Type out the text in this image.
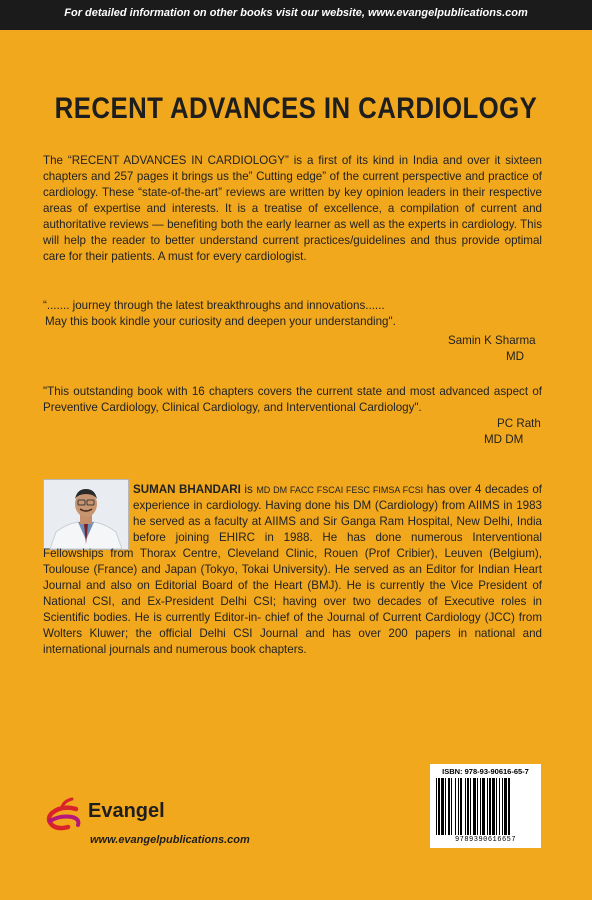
For detailed information on other books visit our website, www.evangelpublications.com
RECENT ADVANCES IN CARDIOLOGY
The “RECENT ADVANCES IN CARDIOLOGY” is a first of its kind in India and over it sixteen chapters and 257 pages it brings us the” Cutting edge” of the current perspective and practice of cardiology. These “state-of-the-art” reviews are written by key opinion leaders in their respective areas of expertise and interests. It is a treatise of excellence, a compilation of current and authoritative reviews — benefiting both the early learner as well as the experts in cardiology. This will help the reader to better understand current practices/guidelines and thus provide optimal care for their patients. A must for every cardiologist.
“....... journey through the latest breakthroughs and innovations......
May this book kindle your curiosity and deepen your understanding".
Samin K Sharma
MD
"This outstanding book with 16 chapters covers the current state and most advanced aspect of Preventive Cardiology, Clinical Cardiology, and Interventional Cardiology".
PC Rath
MD DM
SUMAN BHANDARI is MD DM FACC FSCAI FESC FIMSA FCSI has over 4 decades of experience in cardiology. Having done his DM (Cardiology) from AIIMS in 1983 he served as a faculty at AIIMS and Sir Ganga Ram Hospital, New Delhi, India before joining EHIRC in 1988. He has done numerous Interventional Fellowships from Thorax Centre, Cleveland Clinic, Rouen (Prof Cribier), Leuven (Belgium), Toulouse (France) and Japan (Tokyo, Tokai University). He served as an Editor for Indian Heart Journal and also on Editorial Board of the Heart (BMJ). He is currently the Vice President of National CSI, and Ex-President Delhi CSI; having over two decades of Executive roles in Scientific bodies. He is currently Editor-in- chief of the Journal of Current Cardiology (JCC) from Wolters Kluwer; the official Delhi CSI Journal and has over 200 papers in national and international journals and numerous book chapters.
ISBN: 978-93-90616-65-7
9789390616657
Evangel
www.evangelpublications.com
